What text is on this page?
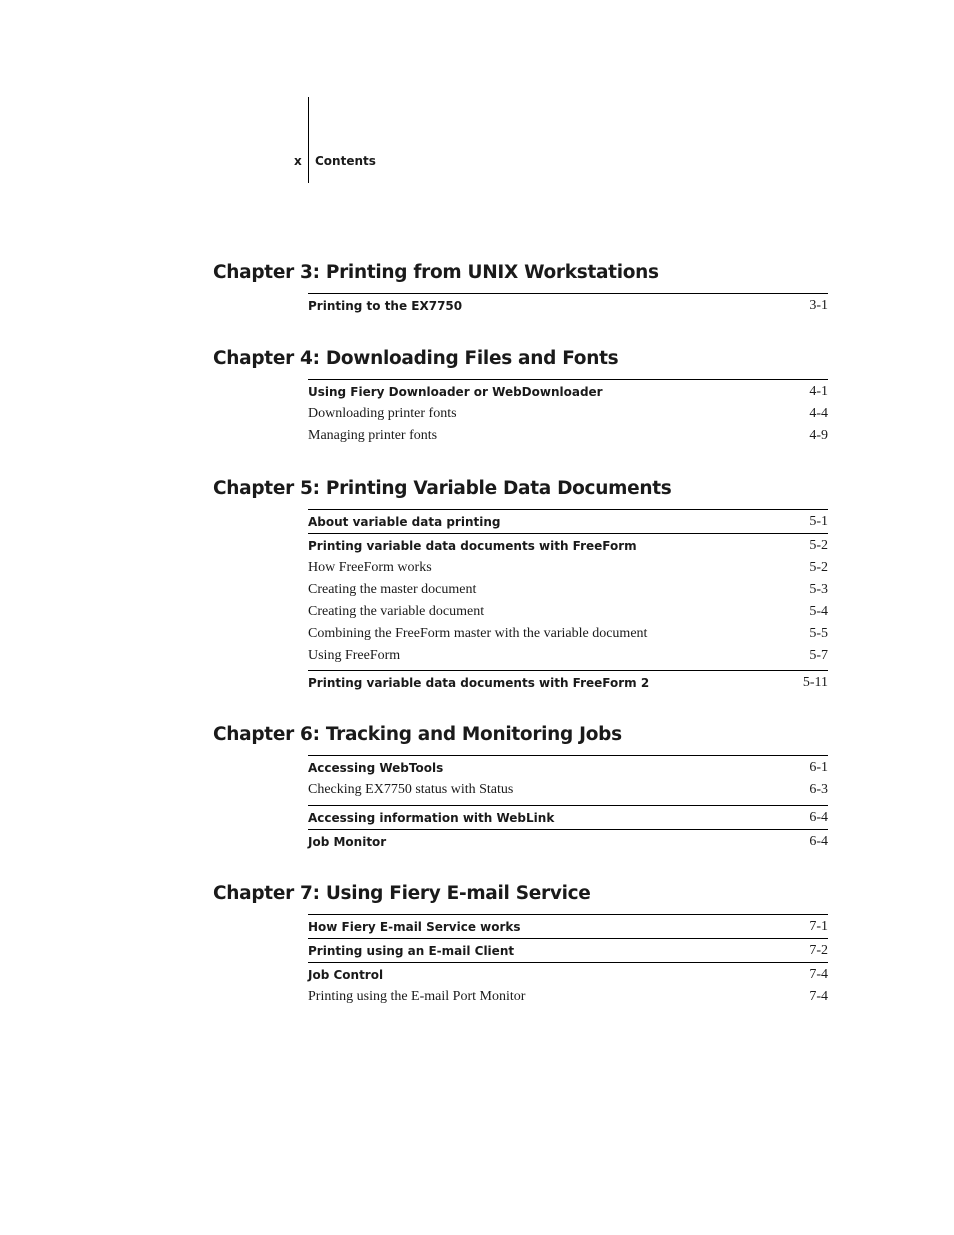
x Contents
Chapter 3: Printing from UNIX Workstations
Printing to the EX7750	3-1
Chapter 4: Downloading Files and Fonts
Using Fiery Downloader or WebDownloader	4-1
Downloading printer fonts	4-4
Managing printer fonts	4-9
Chapter 5: Printing Variable Data Documents
About variable data printing	5-1
Printing variable data documents with FreeForm	5-2
How FreeForm works	5-2
Creating the master document	5-3
Creating the variable document	5-4
Combining the FreeForm master with the variable document	5-5
Using FreeForm	5-7
Printing variable data documents with FreeForm 2	5-11
Chapter 6: Tracking and Monitoring Jobs
Accessing WebTools	6-1
Checking EX7750 status with Status	6-3
Accessing information with WebLink	6-4
Job Monitor	6-4
Chapter 7: Using Fiery E-mail Service
How Fiery E-mail Service works	7-1
Printing using an E-mail Client	7-2
Job Control	7-4
Printing using the E-mail Port Monitor	7-4
